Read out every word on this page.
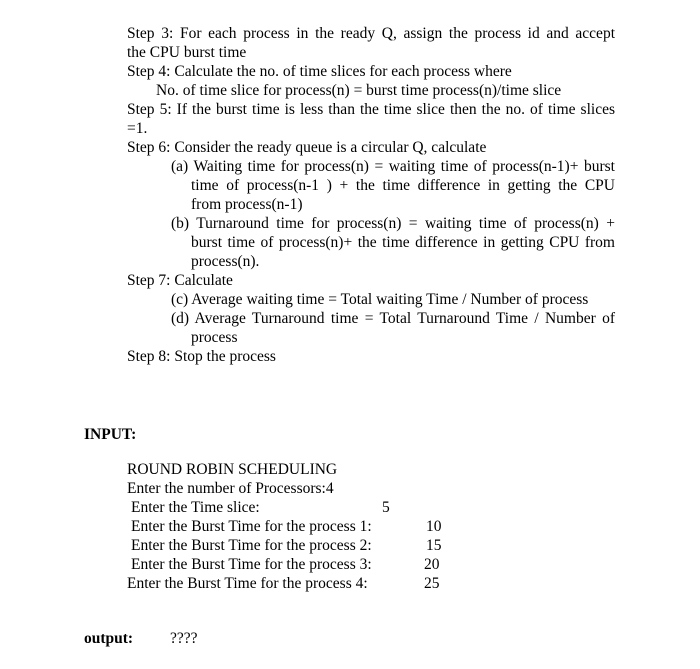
Step 3: For each process in the ready Q, assign the process id and accept
the CPU burst time
Step 4: Calculate the no. of time slices for each process where
No. of time slice for process(n) = burst time process(n)/time slice
Step 5: If the burst time is less than the time slice then the no. of time slices
=1.
Step 6: Consider the ready queue is a circular Q, calculate
(a) Waiting time for process(n) = waiting time of process(n-1)+ burst
time of process(n-1 ) + the time difference in getting the CPU
from process(n-1)
(b) Turnaround time for process(n) = waiting time of process(n) +
burst time of process(n)+ the time difference in getting CPU from
process(n).
Step 7: Calculate
(c) Average waiting time = Total waiting Time / Number of process
(d) Average Turnaround time = Total Turnaround Time / Number of
process
Step 8: Stop the process
INPUT:
ROUND ROBIN SCHEDULING
Enter the number of Processors:4
Enter the Time slice:	5
Enter the Burst Time for the process 1:	10
Enter the Burst Time for the process 2:	15
Enter the Burst Time for the process 3:	20
Enter the Burst Time for the process 4:	25
output: ????
